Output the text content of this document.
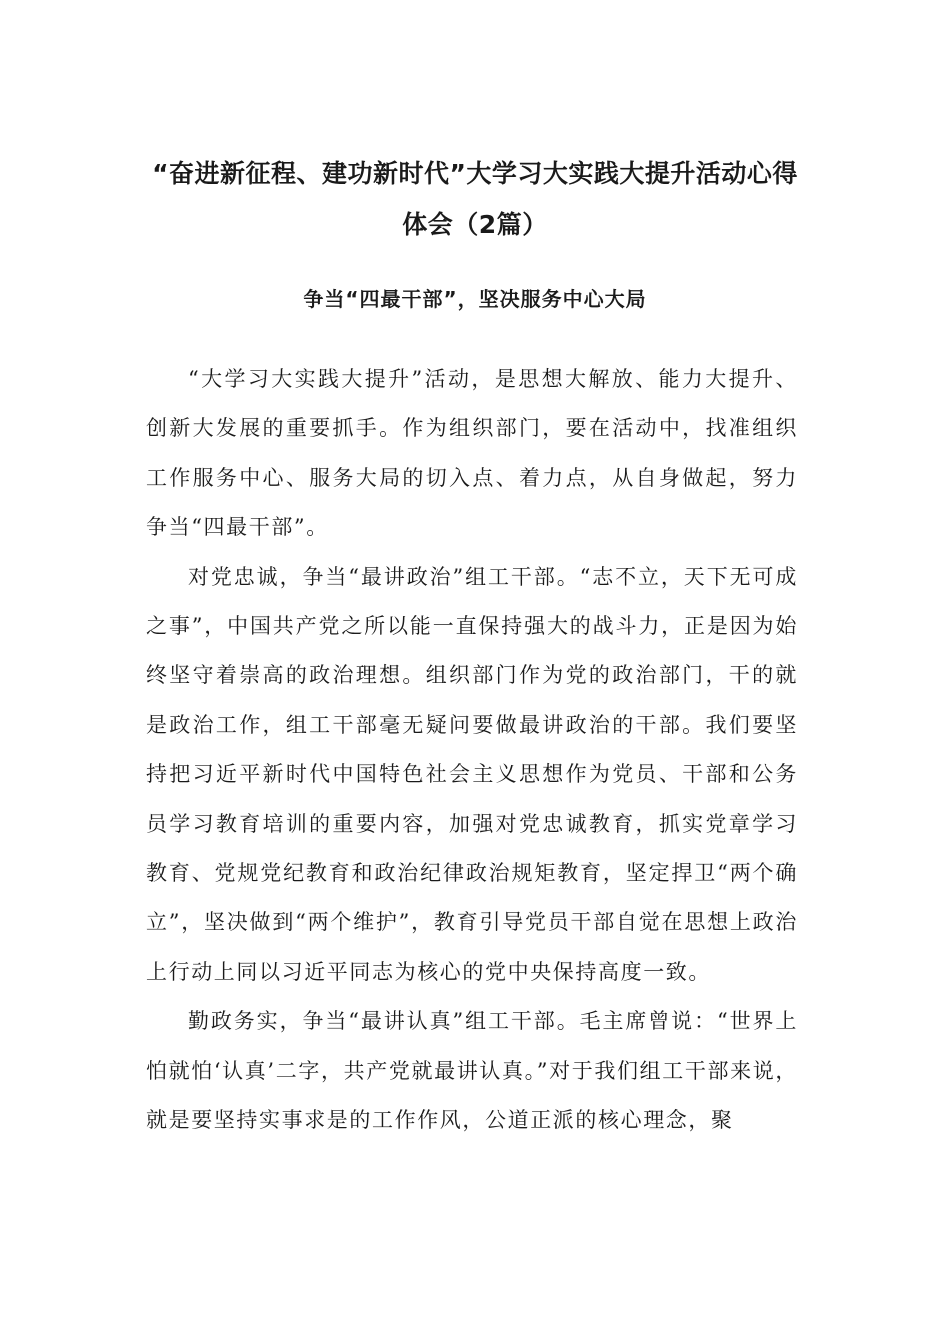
“奋进新征程、建功新时代”大学习大实践大提升活动心得体会（2篇）
争当“四最干部”，坚决服务中心大局

“大学习大实践大提升”活动，是思想大解放、能力大提升、创新大发展的重要抓手。作为组织部门，要在活动中，找准组织工作服务中心、服务大局的切入点、着力点，从自身做起，努力争当“四最干部”。

对党忠诚，争当“最讲政治”组工干部。“志不立，天下无可成之事”，中国共产党之所以能一直保持强大的战斗力，正是因为始终坚守着崇高的政治理想。组织部门作为党的政治部门，干的就是政治工作，组工干部毫无疑问要做最讲政治的干部。我们要坚持把习近平新时代中国特色社会主义思想作为党员、干部和公务员学习教育培训的重要内容，加强对党忠诚教育，抓实党章学习教育、党规党纪教育和政治纪律政治规矩教育，坚定捍卫“两个确立”，坚决做到“两个维护”，教育引导党员干部自觉在思想上政治上行动上同以习近平同志为核心的党中央保持高度一致。

勤政务实，争当“最讲认真”组工干部。毛主席曾说：“世界上怕就怕‘认真’二字，共产党就最讲认真。”对于我们组工干部来说，就是要坚持实事求是的工作作风，公道正派的核心理念，聚
